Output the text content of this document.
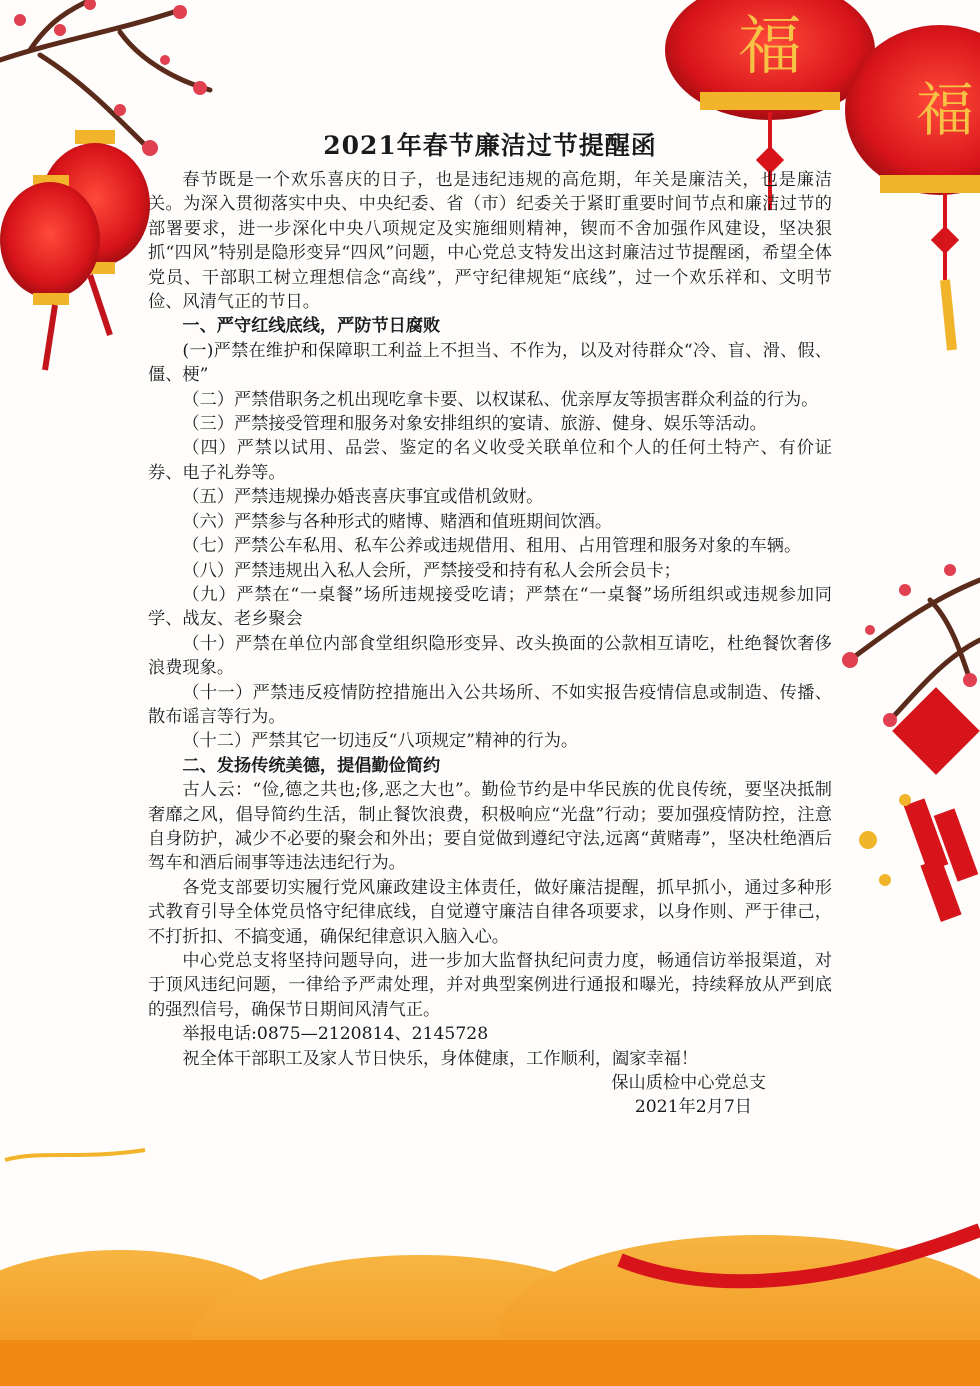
福
福

2021年春节廉洁过节提醒函

春节既是一个欢乐喜庆的日子，也是违纪违规的高危期，年关是廉洁关，也是廉洁关。为深入贯彻落实中央、中央纪委、省（市）纪委关于紧盯重要时间节点和廉洁过节的部署要求，进一步深化中央八项规定及实施细则精神，锲而不舍加强作风建设，坚决狠抓“四风”特别是隐形变异“四风”问题，中心党总支特发出这封廉洁过节提醒函，希望全体党员、干部职工树立理想信念“高线”，严守纪律规矩“底线”，过一个欢乐祥和、文明节俭、风清气正的节日。

一、严守红线底线，严防节日腐败

(一)严禁在维护和保障职工利益上不担当、不作为，以及对待群众“冷、盲、滑、假、僵、梗”

（二）严禁借职务之机出现吃拿卡要、以权谋私、优亲厚友等损害群众利益的行为。

（三）严禁接受管理和服务对象安排组织的宴请、旅游、健身、娱乐等活动。

（四）严禁以试用、品尝、鉴定的名义收受关联单位和个人的任何土特产、有价证券、电子礼券等。

（五）严禁违规操办婚丧喜庆事宜或借机敛财。

（六）严禁参与各种形式的赌博、赌酒和值班期间饮酒。

（七）严禁公车私用、私车公养或违规借用、租用、占用管理和服务对象的车辆。

（八）严禁违规出入私人会所，严禁接受和持有私人会所会员卡；

（九）严禁在“一桌餐”场所违规接受吃请；严禁在“一桌餐”场所组织或违规参加同学、战友、老乡聚会

（十）严禁在单位内部食堂组织隐形变异、改头换面的公款相互请吃，杜绝餐饮奢侈浪费现象。

（十一）严禁违反疫情防控措施出入公共场所、不如实报告疫情信息或制造、传播、散布谣言等行为。

（十二）严禁其它一切违反“八项规定”精神的行为。

二、发扬传统美德，提倡勤俭简约

古人云：“俭,德之共也;侈,恶之大也”。勤俭节约是中华民族的优良传统，要坚决抵制奢靡之风，倡导简约生活，制止餐饮浪费，积极响应“光盘”行动；要加强疫情防控，注意自身防护，减少不必要的聚会和外出；要自觉做到遵纪守法,远离“黄赌毒”，坚决杜绝酒后驾车和酒后闹事等违法违纪行为。

各党支部要切实履行党风廉政建设主体责任，做好廉洁提醒，抓早抓小，通过多种形式教育引导全体党员恪守纪律底线，自觉遵守廉洁自律各项要求，以身作则、严于律己，不打折扣、不搞变通，确保纪律意识入脑入心。

中心党总支将坚持问题导向，进一步加大监督执纪问责力度，畅通信访举报渠道，对于顶风违纪问题，一律给予严肃处理，并对典型案例进行通报和曝光，持续释放从严到底的强烈信号，确保节日期间风清气正。

举报电话:0875—2120814、2145728

祝全体干部职工及家人节日快乐，身体健康，工作顺利，阖家幸福！

保山质检中心党总支

2021年2月7日
